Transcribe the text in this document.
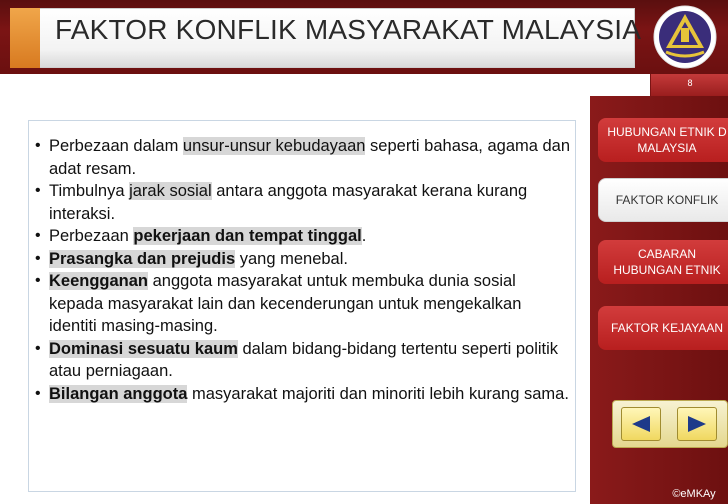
FAKTOR KONFLIK MASYARAKAT MALAYSIA
8
• Perbezaan dalam unsur-unsur kebudayaan seperti bahasa, agama dan adat resam.
• Timbulnya jarak sosial antara anggota masyarakat kerana kurang interaksi.
• Perbezaan pekerjaan dan tempat tinggal.
• Prasangka dan prejudis yang menebal.
• Keengganan anggota masyarakat untuk membuka dunia sosial kepada masyarakat lain dan kecenderungan untuk mengekalkan identiti masing-masing.
• Dominasi sesuatu kaum dalam bidang-bidang tertentu seperti politik atau perniagaan.
• Bilangan anggota masyarakat majoriti dan minoriti lebih kurang sama.
HUBUNGAN ETNIK D
MALAYSIA
FAKTOR KONFLIK
CABARAN
HUBUNGAN ETNIK
FAKTOR KEJAYAAN
©eMKAy
